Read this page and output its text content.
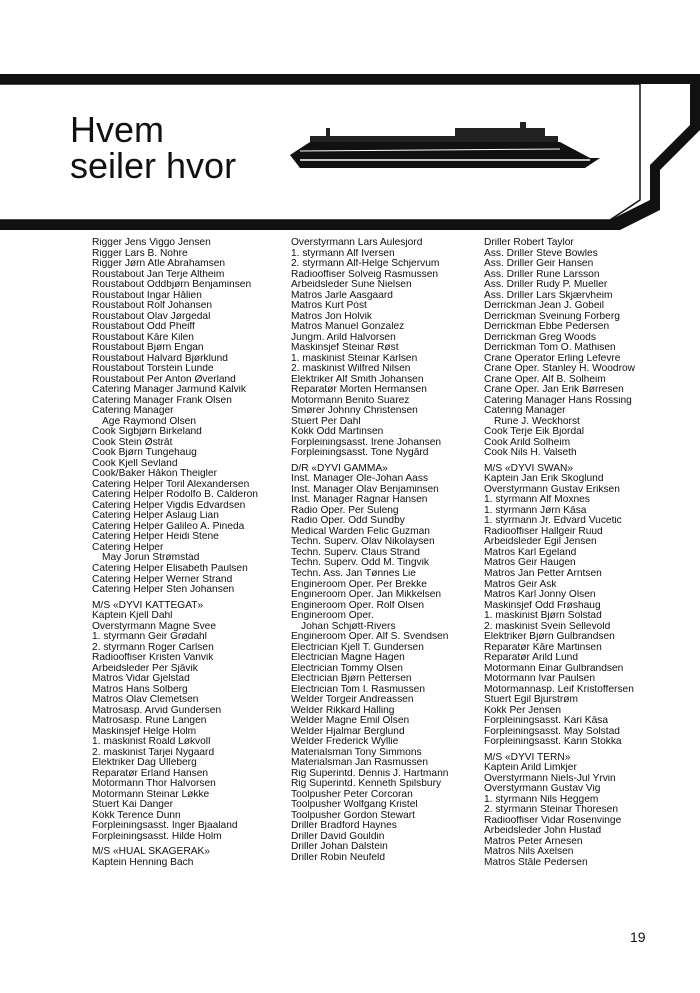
Hvem
seiler hvor
Rigger Jens Viggo Jensen
Rigger Lars B. Nohre
Rigger Jørn Atle Abrahamsen
Roustabout Jan Terje Altheim
Roustabout Oddbjørn Benjaminsen
Roustabout Ingar Hålien
Roustabout Rolf Johansen
Roustabout Olav Jørgedal
Roustabout Odd Pheiff
Roustabout Kåre Kilen
Roustabout Bjørn Engan
Roustabout Halvard Bjørklund
Roustabout Torstein Lunde
Roustabout Per Anton Øverland
Catering Manager Jarmund Kalvik
Catering Manager Frank Olsen
Catering Manager
Åge Raymond Olsen
Cook Sigbjørn Birkeland
Cook Stein Østråt
Cook Bjørn Tungehaug
Cook Kjell Sevland
Cook/Baker Håkon Theigler
Catering Helper Toril Alexandersen
Catering Helper Rodolfo B. Calderon
Catering Helper Vigdis Edvardsen
Catering Helper Aslaug Lian
Catering Helper Galileo A. Pineda
Catering Helper Heidi Stene
Catering Helper
May Jorun Strømstad
Catering Helper Elisabeth Paulsen
Catering Helper Werner Strand
Catering Helper Sten Johansen
M/S «DYVI KATTEGAT»
Kaptein Kjell Dahl
Overstyrmann Magne Svee
1. styrmann Geir Grødahl
2. styrmann Roger Carlsen
Radiooffiser Kristen Vanvik
Arbeidsleder Per Sjåvik
Matros Vidar Gjelstad
Matros Hans Solberg
Matros Olav Clemetsen
Matrosasp. Arvid Gundersen
Matrosasp. Rune Langen
Maskinsjef Helge Holm
1. maskinist Roald Løkvoll
2. maskinist Tarjei Nygaard
Elektriker Dag Ulleberg
Reparatør Erland Hansen
Motormann Thor Halvorsen
Motormann Steinar Løkke
Stuert Kai Danger
Kokk Terence Dunn
Forpleiningsasst. Inger Bjaaland
Forpleiningsasst. Hilde Holm
M/S «HUAL SKAGERAK»
Kaptein Henning Bach
Overstyrmann Lars Aulesjord
1. styrmann Alf Iversen
2. styrmann Alf-Helge Schjervum
Radiooffiser Solveig Rasmussen
Arbeidsleder Sune Nielsen
Matros Jarle Aasgaard
Matros Kurt Post
Matros Jon Holvik
Matros Manuel Gonzalez
Jungm. Arild Halvorsen
Maskinsjef Steinar Røst
1. maskinist Steinar Karlsen
2. maskinist Wilfred Nilsen
Elektriker Alf Smith Johansen
Reparatør Morten Hermansen
Motormann Benito Suarez
Smører Johnny Christensen
Stuert Per Dahl
Kokk Odd Martinsen
Forpleiningsasst. Irene Johansen
Forpleiningsasst. Tone Nygård
D/R «DYVI GAMMA»
Inst. Manager Ole-Johan Aass
Inst. Manager Olav Benjaminsen
Inst. Manager Ragnar Hansen
Radio Oper. Per Suleng
Radio Oper. Odd Sundby
Medical Warden Felic Guzman
Techn. Superv. Olav Nikolaysen
Techn. Superv. Claus Strand
Techn. Superv. Odd M. Tingvik
Techn. Ass. Jan Tønnes Lie
Engineroom Oper. Per Brekke
Engineroom Oper. Jan Mikkelsen
Engineroom Oper. Rolf Olsen
Engineroom Oper.
Johan Schjøtt-Rivers
Engineroom Oper. Alf S. Svendsen
Electrician Kjell T. Gundersen
Electrician Magne Hagen
Electrician Tommy Olsen
Electrician Bjørn Pettersen
Electrician Tom I. Rasmussen
Welder Torgeir Andreassen
Welder Rikkard Halling
Welder Magne Emil Olsen
Welder Hjalmar Berglund
Welder Frederick Wyllie
Materialsman Tony Simmons
Materialsman Jan Rasmussen
Rig Superintd. Dennis J. Hartmann
Rig Superintd. Kenneth Spilsbury
Toolpusher Peter Corcoran
Toolpusher Wolfgang Kristel
Toolpusher Gordon Stewart
Driller Bradford Haynes
Driller David Gouldin
Driller Johan Dalstein
Driller Robin Neufeld
Driller Robert Taylor
Ass. Driller Steve Bowles
Ass. Driller Geir Hansen
Ass. Driller Rune Larsson
Ass. Driller Rudy P. Mueller
Ass. Driller Lars Skjærvheim
Derrickman Jean J. Gobeil
Derrickman Sveinung Forberg
Derrickman Ebbe Pedersen
Derrickman Greg Woods
Derrickman Tom O. Mathisen
Crane Operator Erling Lefevre
Crane Oper. Stanley H. Woodrow
Crane Oper. Alf B. Solheim
Crane Oper. Jan Erik Børresen
Catering Manager Hans Rossing
Catering Manager
Rune J. Weckhorst
Cook Terje Eik Bjordal
Cook Arild Solheim
Cook Nils H. Valseth
M/S «DYVI SWAN»
Kaptein Jan Erik Skoglund
Overstyrmann Gustav Eriksen
1. styrmann Alf Moxnes
1. styrmann Jørn Kåsa
1. styrmann Jr. Edvard Vucetic
Radiooffiser Hallgeir Ruud
Arbeidsleder Egil Jensen
Matros Karl Egeland
Matros Geir Haugen
Matros Jan Petter Arntsen
Matros Geir Ask
Matros Karl Jonny Olsen
Maskinsjef Odd Frøshaug
1. maskinist Bjørn Solstad
2. maskinist Svein Sellevold
Elektriker Bjørn Gulbrandsen
Reparatør Kåre Martinsen
Reparatør Arild Lund
Motormann Einar Gulbrandsen
Motormann Ivar Paulsen
Motormannasp. Leif Kristoffersen
Stuert Egil Bjurstrøm
Kokk Per Jensen
Forpleiningsasst. Kari Kåsa
Forpleiningsasst. May Solstad
Forpleiningsasst. Karin Stokka
M/S «DYVI TERN»
Kaptein Arild Limkjer
Overstyrmann Niels-Jul Yrvin
Overstyrmann Gustav Vig
1. styrmann Nils Heggem
2. styrmann Steinar Thoresen
Radiooffiser Vidar Rosenvinge
Arbeidsleder John Hustad
Matros Peter Arnesen
Matros Nils Axelsen
Matros Ståle Pedersen
19
